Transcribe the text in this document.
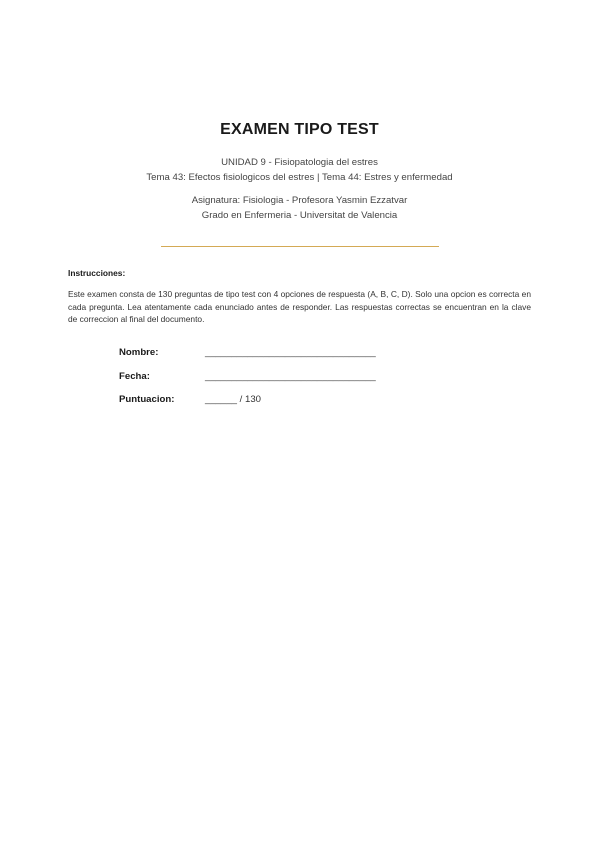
EXAMEN TIPO TEST
UNIDAD 9 - Fisiopatologia del estres
Tema 43: Efectos fisiologicos del estres | Tema 44: Estres y enfermedad
Asignatura: Fisiologia - Profesora Yasmin Ezzatvar
Grado en Enfermeria - Universitat de Valencia
Instrucciones:
Este examen consta de 130 preguntas de tipo test con 4 opciones de respuesta (A, B, C, D). Solo una opcion es correcta en cada pregunta. Lea atentamente cada enunciado antes de responder. Las respuestas correctas se encuentran en la clave de correccion al final del documento.
Nombre:	________________________________
Fecha:	________________________________
Puntuacion:	______ / 130
